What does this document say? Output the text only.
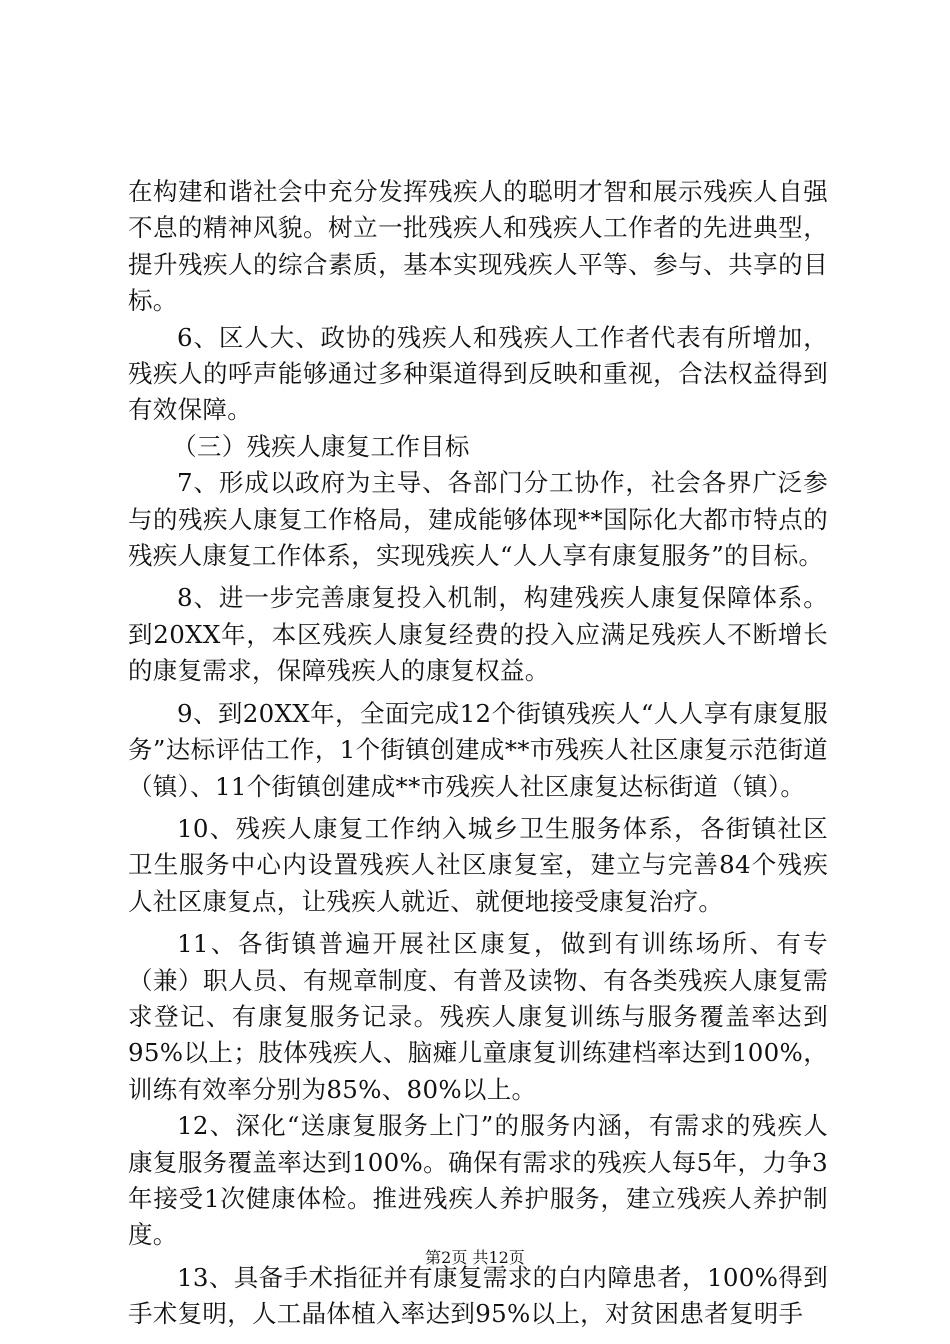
在构建和谐社会中充分发挥残疾人的聪明才智和展示残疾人自强不息的精神风貌。树立一批残疾人和残疾人工作者的先进典型，提升残疾人的综合素质，基本实现残疾人平等、参与、共享的目标。

6、区人大、政协的残疾人和残疾人工作者代表有所增加，残疾人的呼声能够通过多种渠道得到反映和重视，合法权益得到有效保障。

（三）残疾人康复工作目标

7、形成以政府为主导、各部门分工协作，社会各界广泛参与的残疾人康复工作格局，建成能够体现**国际化大都市特点的残疾人康复工作体系，实现残疾人“人人享有康复服务”的目标。

8、进一步完善康复投入机制，构建残疾人康复保障体系。到20XX年，本区残疾人康复经费的投入应满足残疾人不断增长的康复需求，保障残疾人的康复权益。

9、到20XX年，全面完成12个街镇残疾人“人人享有康复服务”达标评估工作，1个街镇创建成**市残疾人社区康复示范街道（镇）、11个街镇创建成**市残疾人社区康复达标街道（镇）。

10、残疾人康复工作纳入城乡卫生服务体系，各街镇社区卫生服务中心内设置残疾人社区康复室，建立与完善84个残疾人社区康复点，让残疾人就近、就便地接受康复治疗。

11、各街镇普遍开展社区康复，做到有训练场所、有专（兼）职人员、有规章制度、有普及读物、有各类残疾人康复需求登记、有康复服务记录。残疾人康复训练与服务覆盖率达到95%以上；肢体残疾人、脑瘫儿童康复训练建档率达到100%，训练有效率分别为85%、80%以上。

12、深化“送康复服务上门”的服务内涵，有需求的残疾人康复服务覆盖率达到100%。确保有需求的残疾人每5年，力争3年接受1次健康体检。推进残疾人养护服务，建立残疾人养护制度。

13、具备手术指征并有康复需求的白内障患者，100%得到手术复明，人工晶体植入率达到95%以上，对贫困患者复明手

第2页 共12页
